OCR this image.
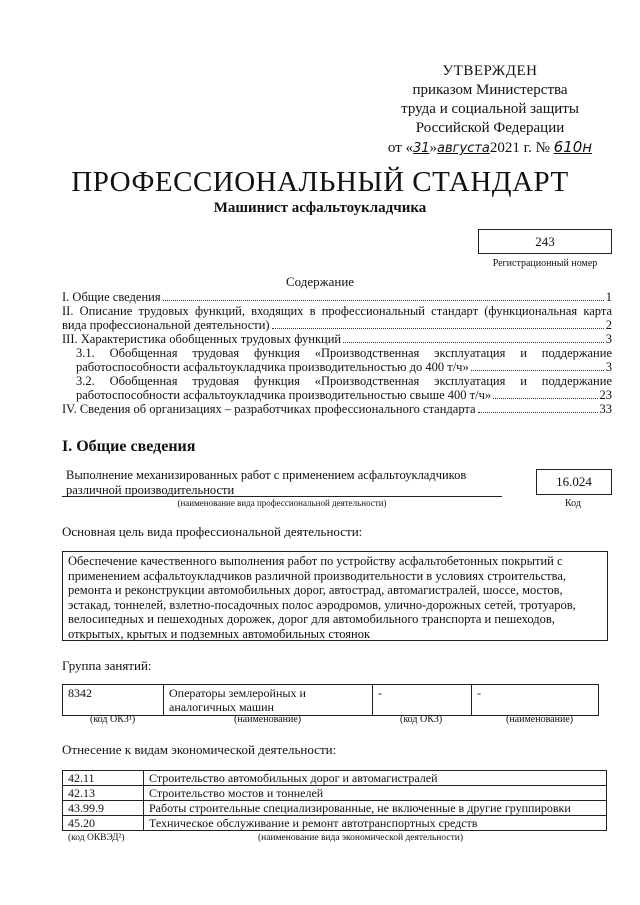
УТВЕРЖДЕН
приказом Министерства
труда и социальной защиты
Российской Федерации
от «31»августа2021 г. № 610н
ПРОФЕССИОНАЛЬНЫЙ СТАНДАРТ
Машинист асфальтоукладчика
243
Регистрационный номер
Содержание
I. Общие сведения	1
II. Описание трудовых функций, входящих в профессиональный стандарт (функциональная карта
вида профессиональной деятельности)	2
III. Характеристика обобщенных трудовых функций	3
3.1. Обобщенная трудовая функция «Производственная эксплуатация и поддержание
работоспособности асфальтоукладчика производительностью до 400 т/ч»	3
3.2. Обобщенная трудовая функция «Производственная эксплуатация и поддержание
работоспособности асфальтоукладчика производительностью свыше 400 т/ч»	23
IV. Сведения об организациях – разработчиках профессионального стандарта	33
I. Общие сведения
Выполнение механизированных работ с применением асфальтоукладчиков
различной производительности
(наименование вида профессиональной деятельности)
16.024
Код
Основная цель вида профессиональной деятельности:
Обеспечение качественного выполнения работ по устройству асфальтобетонных покрытий с применением асфальтоукладчиков различной производительности в условиях строительства, ремонта и реконструкции автомобильных дорог, автострад, автомагистралей, шоссе, мостов, эстакад, тоннелей, взлетно-посадочных полос аэродромов, улично-дорожных сетей, тротуаров, велосипедных и пешеходных дорожек, дорог для автомобильного транспорта и пешеходов, открытых, крытых и подземных автомобильных стоянок
Группа занятий:
8342	Операторы землеройных и аналогичных машин	-	-
(код ОКЗ¹)	(наименование)	(код ОКЗ)	(наименование)
Отнесение к видам экономической деятельности:
42.11	Строительство автомобильных дорог и автомагистралей
42.13	Строительство мостов и тоннелей
43.99.9	Работы строительные специализированные, не включенные в другие группировки
45.20	Техническое обслуживание и ремонт автотранспортных средств
(код ОКВЭД²)	(наименование вида экономической деятельности)
